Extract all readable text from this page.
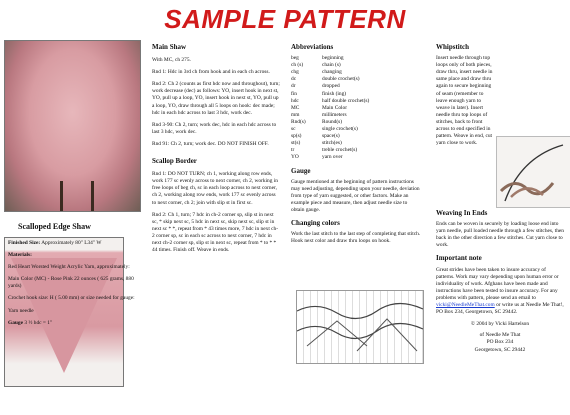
SAMPLE PATTERN
Scalloped Edge Shaw

Finished Size: Approximately 80" L34" W

Materials:

Red Heart Worsted Weight Acrylic Yarn, approximately:

Main Color (MC) - Rose Pink 22 ounces ( 625 grams, 880 yards)

Crochet hook size: H ( 5.00 mm) or size needed for gauge:

Yarn needle

Gauge 3 ½ hdc = 1"

Main Shaw

With MC, ch 275.

Rnd 1: Hdc in 3rd ch from hook and in each ch across.

Rnd 2: Ch 2 (counts as first hdc now and throughout), turn; work decrease (dec) as follows: YO, insert hook in next st, YO, pull up a loop, YO, insert hook in next st, YO, pull up a loop, YO, draw through all 5 loops on hook: dec made; hdc in each hdc across to last 3 hdc, work dec.

Rnd 3-90: Ch 2, turn; work dec, hdc in each hdc across to last 3 hdc, work dec.

Rnd 91: Ch 2, turn; work dec. DO NOT FINISH OFF.

Scallop Border

Rnd 1: DO NOT TURN; ch 1, working along row ends, work 177 sc evenly across to next corner, ch 2, working in free loops of beg ch, sc in each loop across to next corner, ch 2, working along row ends, work 177 sc evenly across to next corner, ch 2; join with slip st in first sc.

Rnd 2: Ch 1, turn; 7 hdc in ch-2 corner sp, slip st in next sc, * skip next sc, 5 hdc in next sc, skip next sc, slip st in next sc * *, repeat from * 43 times more, 7 hdc in next ch-2 corner sp, sc in each sc across to next corner, 7 hdc in next ch-2 corner sp, slip st in next sc, repeat from * to * * 44 times. Finish off. Weave in ends.

Abbreviations
beg	beginning
ch (s)	chain (s)
chg	changing
dc	double crochet(s)
dr	dropped
fin	finish (ing)
hdc	half double crochet(s)
MC	Main Color
mm	millimeters
Rnd(s)	Round(s)
sc	single crochet(s)
sp(s)	space(s)
st(s)	stitch(es)
tr	treble crochet(s)
YO	yarn over
Gauge

Gauge mentioned at the beginning of pattern instructions may need adjusting, depending upon your needle, deviation from type of yarn suggested, or other factors. Make an example piece and measure, then adjust needle size to obtain gauge.

Changing colors

Work the last stitch to the last step of completing that stitch. Hook next color and draw thru loops on hook.

Whipstitch

Insert needle through top loops only of both pieces, draw thru, insert needle in same place and draw thru again to secure beginning of seam (remember to leave enough yarn to weave in later). Insert needle thru top loops of stitches, back to front across to end specified in pattern. Weave in end, cut yarn close to work.

Weaving In Ends

Ends can be woven in securely by loading loose end into yarn needle, pull loaded needle through a few stitches, then back in the other direction a few stitches. Cut yarn close to work.

Important note

Great strides have been taken to insure accuracy of patterns. Work may vary depending upon human error or individuality of work. Afghans have been made and instructions have been tested to insure accuracy. For any problems with pattern, please send an email to vicki@NeedleMeThat.com or write us at Needle Me That!, PO Box 234, Georgetown, SC 29442.

© 2004 by Vicki Hartelson
of Needle Me That
PO Box 234
Georgetown, SC 29442
